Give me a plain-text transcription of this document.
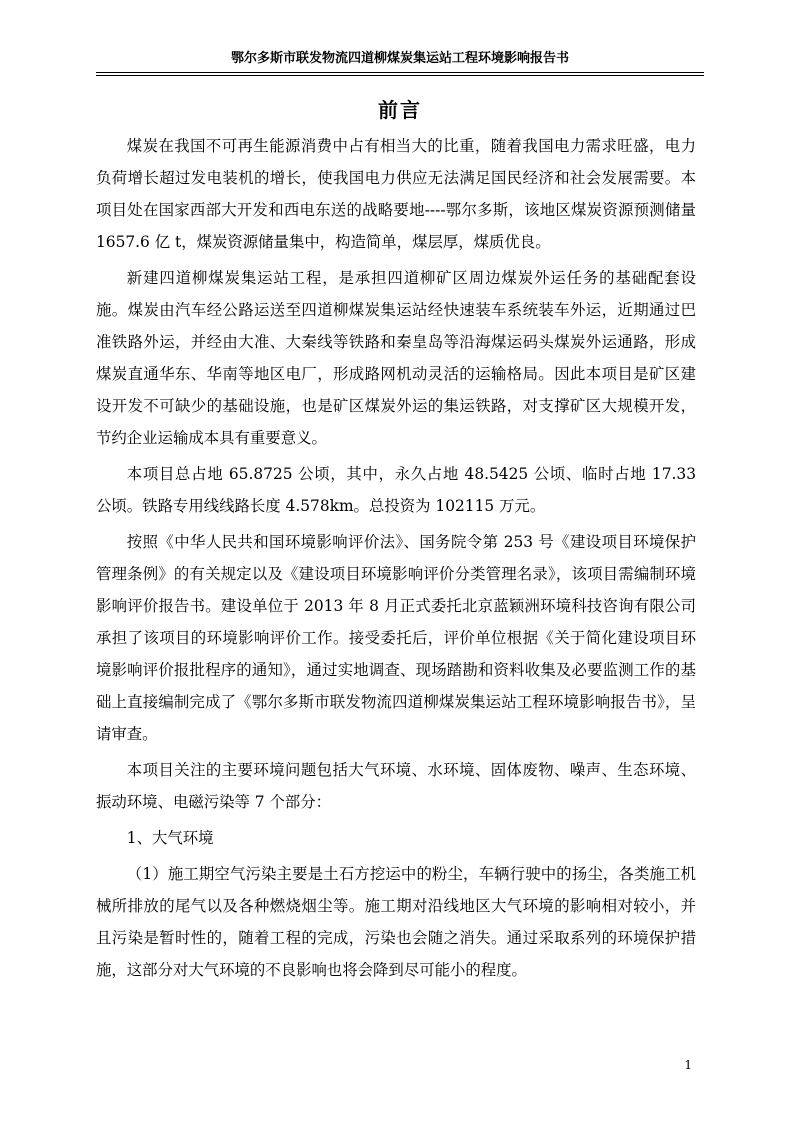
鄂尔多斯市联发物流四道柳煤炭集运站工程环境影响报告书
前言

煤炭在我国不可再生能源消费中占有相当大的比重，随着我国电力需求旺盛，电力负荷增长超过发电装机的增长，使我国电力供应无法满足国民经济和社会发展需要。本项目处在国家西部大开发和西电东送的战略要地----鄂尔多斯，该地区煤炭资源预测储量 1657.6 亿 t，煤炭资源储量集中，构造简单，煤层厚，煤质优良。

新建四道柳煤炭集运站工程，是承担四道柳矿区周边煤炭外运任务的基础配套设施。煤炭由汽车经公路运送至四道柳煤炭集运站经快速装车系统装车外运，近期通过巴准铁路外运，并经由大准、大秦线等铁路和秦皇岛等沿海煤运码头煤炭外运通路，形成煤炭直通华东、华南等地区电厂，形成路网机动灵活的运输格局。因此本项目是矿区建设开发不可缺少的基础设施，也是矿区煤炭外运的集运铁路，对支撑矿区大规模开发，节约企业运输成本具有重要意义。

本项目总占地 65.8725 公顷，其中，永久占地 48.5425 公顷、临时占地 17.33 公顷。铁路专用线线路长度 4.578km。总投资为 102115 万元。

按照《中华人民共和国环境影响评价法》、国务院令第 253 号《建设项目环境保护管理条例》的有关规定以及《建设项目环境影响评价分类管理名录》，该项目需编制环境影响评价报告书。建设单位于 2013 年 8 月正式委托北京蓝颖洲环境科技咨询有限公司承担了该项目的环境影响评价工作。接受委托后，评价单位根据《关于简化建设项目环境影响评价报批程序的通知》，通过实地调查、现场踏勘和资料收集及必要监测工作的基础上直接编制完成了《鄂尔多斯市联发物流四道柳煤炭集运站工程环境影响报告书》，呈请审查。

本项目关注的主要环境问题包括大气环境、水环境、固体废物、噪声、生态环境、振动环境、电磁污染等 7 个部分：

1、大气环境

（1）施工期空气污染主要是土石方挖运中的粉尘，车辆行驶中的扬尘，各类施工机械所排放的尾气以及各种燃烧烟尘等。施工期对沿线地区大气环境的影响相对较小，并且污染是暂时性的，随着工程的完成，污染也会随之消失。通过采取系列的环境保护措施，这部分对大气环境的不良影响也将会降到尽可能小的程度。

1
